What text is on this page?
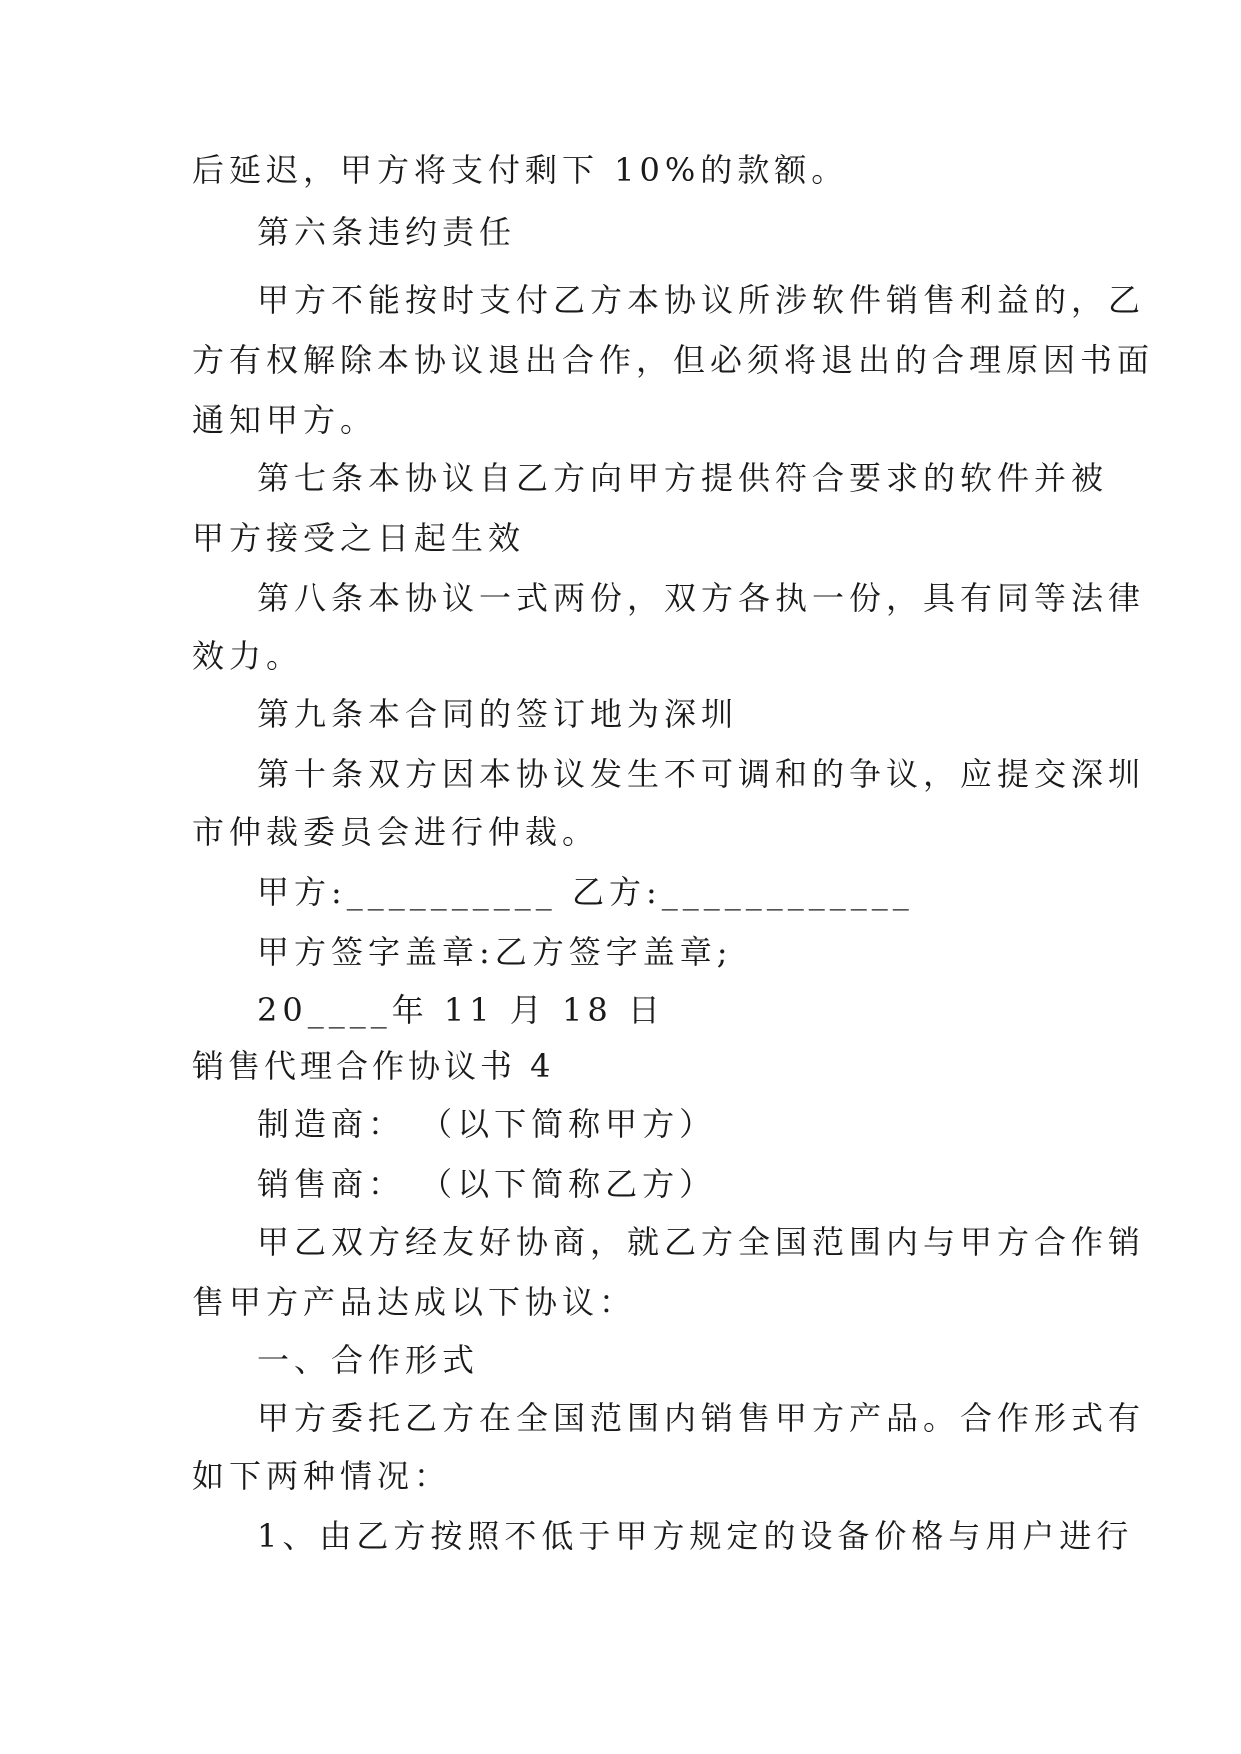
后延迟，甲方将支付剩下 10%的款额。
第六条违约责任
甲方不能按时支付乙方本协议所涉软件销售利益的，乙
方有权解除本协议退出合作，但必须将退出的合理原因书面
通知甲方。
第七条本协议自乙方向甲方提供符合要求的软件并被
甲方接受之日起生效
第八条本协议一式两份，双方各执一份，具有同等法律
效力。
第九条本合同的签订地为深圳
第十条双方因本协议发生不可调和的争议，应提交深圳
市仲裁委员会进行仲裁。
甲方:__________ 乙方:____________
甲方签字盖章:乙方签字盖章;
20____年 11 月 18 日
销售代理合作协议书 4
制造商： （以下简称甲方）
销售商： （以下简称乙方）
甲乙双方经友好协商，就乙方全国范围内与甲方合作销
售甲方产品达成以下协议：
一、合作形式
甲方委托乙方在全国范围内销售甲方产品。合作形式有
如下两种情况：
1、由乙方按照不低于甲方规定的设备价格与用户进行
